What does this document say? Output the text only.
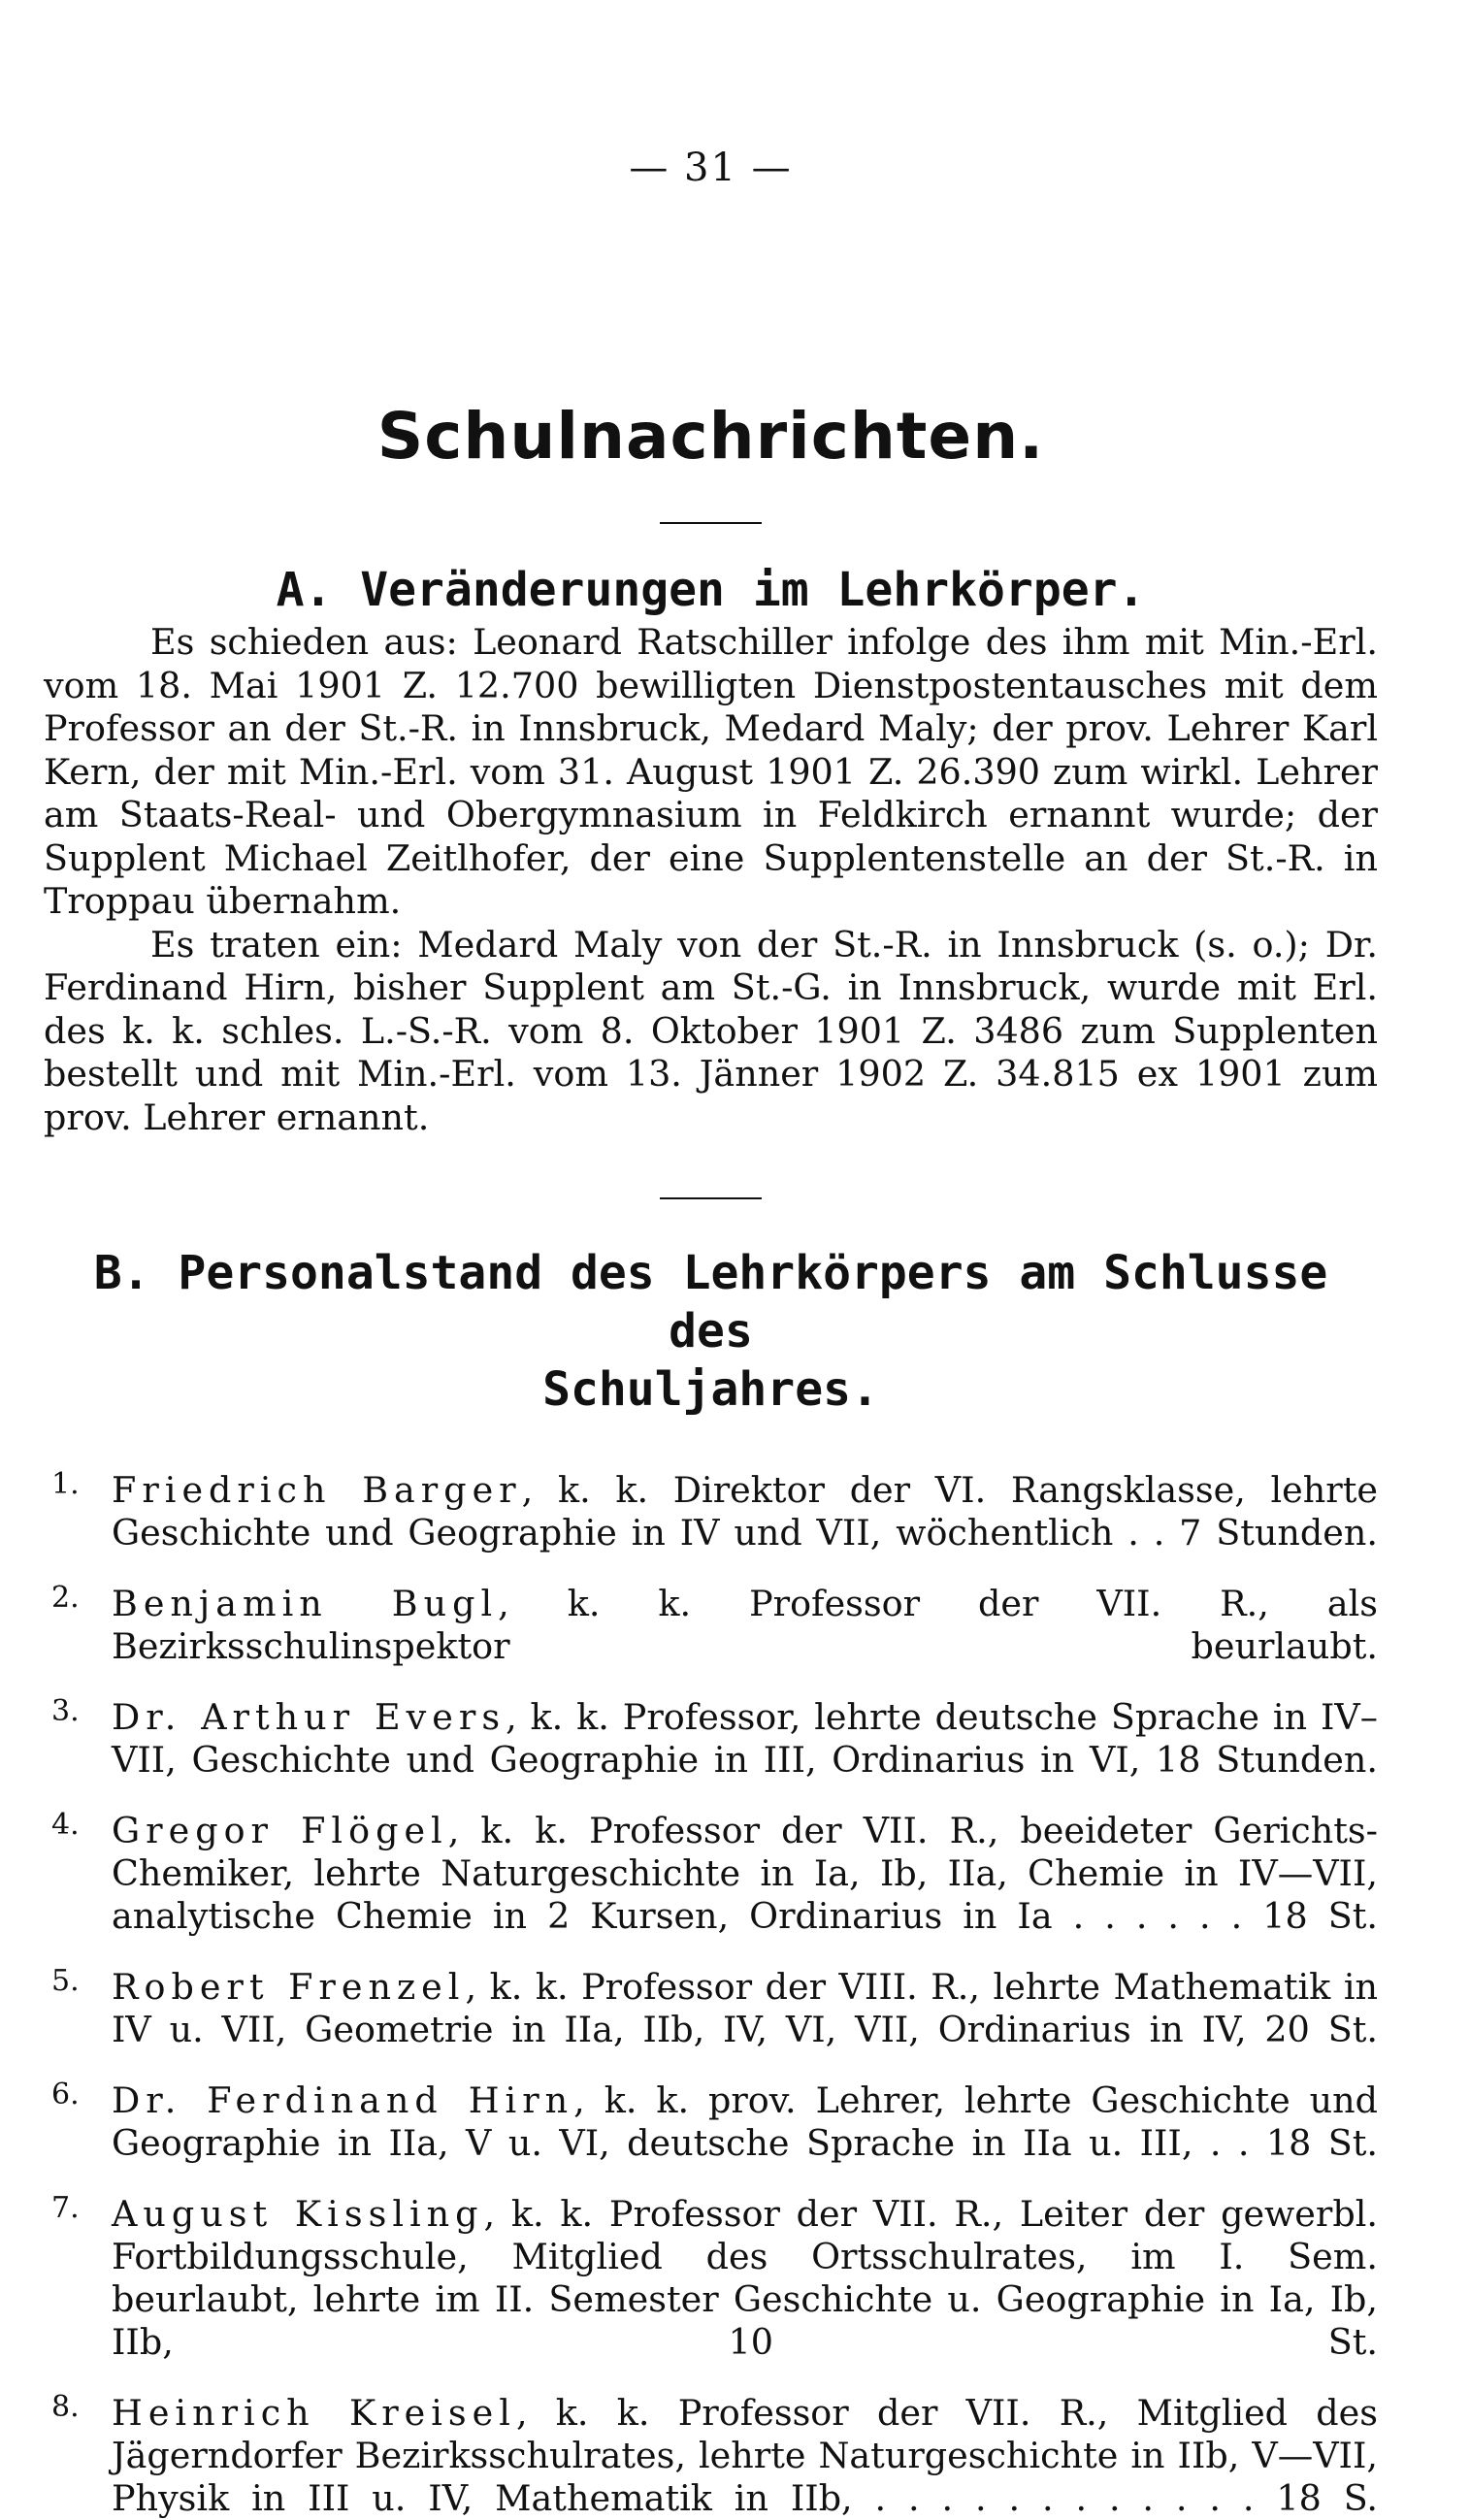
— 31 —
Schulnachrichten.
A. Veränderungen im Lehrkörper.

Es schieden aus: Leonard Ratschiller infolge des ihm mit Min.-Erl. vom 18. Mai 1901 Z. 12.700 bewilligten Dienstpostentausches mit dem Professor an der St.-R. in Innsbruck, Medard Maly; der prov. Lehrer Karl Kern, der mit Min.-Erl. vom 31. August 1901 Z. 26.390 zum wirkl. Lehrer am Staats-Real- und Obergymnasium in Feldkirch ernannt wurde; der Supplent Michael Zeitlhofer, der eine Supplentenstelle an der St.-R. in Troppau übernahm.

Es traten ein: Medard Maly von der St.-R. in Innsbruck (s. o.); Dr. Ferdinand Hirn, bisher Supplent am St.-G. in Innsbruck, wurde mit Erl. des k. k. schles. L.-S.-R. vom 8. Oktober 1901 Z. 3486 zum Supplenten bestellt und mit Min.-Erl. vom 13. Jänner 1902 Z. 34.815 ex 1901 zum prov. Lehrer ernannt.

B. Personalstand des Lehrkörpers am Schlusse des
Schuljahres.
1. Friedrich Barger, k. k. Direktor der VI. Rangsklasse, lehrte Geschichte und Geographie in IV und VII, wöchentlich . . 7 Stunden.
2. Benjamin Bugl, k. k. Professor der VII. R., als Bezirksschulinspektor beurlaubt.
3. Dr. Arthur Evers, k. k. Professor, lehrte deutsche Sprache in IV–VII, Geschichte und Geographie in III, Ordinarius in VI, 18 Stunden.
4. Gregor Flögel, k. k. Professor der VII. R., beeideter Gerichts-Chemiker, lehrte Naturgeschichte in Ia, Ib, IIa, Chemie in IV—VII, analytische Chemie in 2 Kursen, Ordinarius in Ia . . . . . . 18 St.
5. Robert Frenzel, k. k. Professor der VIII. R., lehrte Mathematik in IV u. VII, Geometrie in IIa, IIb, IV, VI, VII, Ordinarius in IV, 20 St.
6. Dr. Ferdinand Hirn, k. k. prov. Lehrer, lehrte Geschichte und Geographie in IIa, V u. VI, deutsche Sprache in IIa u. III, . . 18 St.
7. August Kissling, k. k. Professor der VII. R., Leiter der gewerbl. Fortbildungsschule, Mitglied des Ortsschulrates, im I. Sem. beurlaubt, lehrte im II. Semester Geschichte u. Geographie in Ia, Ib, IIb, 10 St.
8. Heinrich Kreisel, k. k. Professor der VII. R., Mitglied des Jägerndorfer Bezirksschulrates, lehrte Naturgeschichte in IIb, V—VII, Physik in III u. IV, Mathematik in IIb, . . . . . . . . . . . . 18 S.
